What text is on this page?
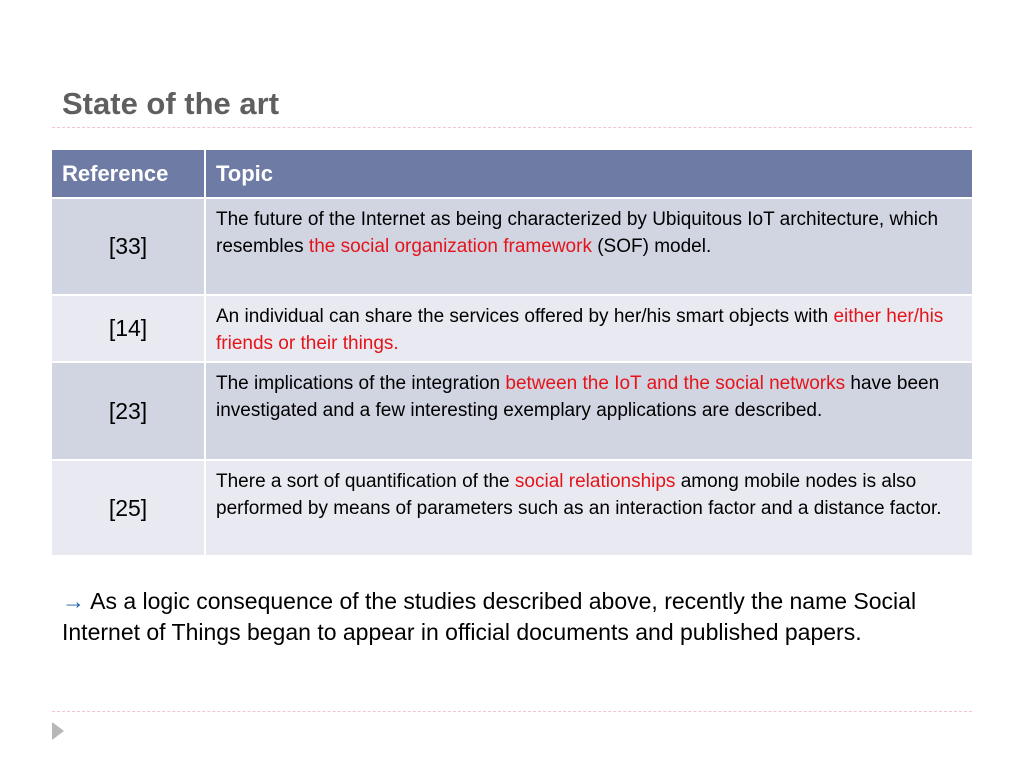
State of the art
Reference	Topic
[33]	The future of the Internet as being characterized by Ubiquitous IoT architecture, which resembles the social organization framework (SOF) model.
[14]	An individual can share the services offered by her/his smart objects with either her/his friends or their things.
[23]	The implications of the integration between the IoT and the social networks have been investigated and a few interesting exemplary applications are described.
[25]	There a sort of quantification of the social relationships among mobile nodes is also performed by means of parameters such as an interaction factor and a distance factor.

→ As a logic consequence of the studies described above, recently the name Social Internet of Things began to appear in official documents and published papers.
